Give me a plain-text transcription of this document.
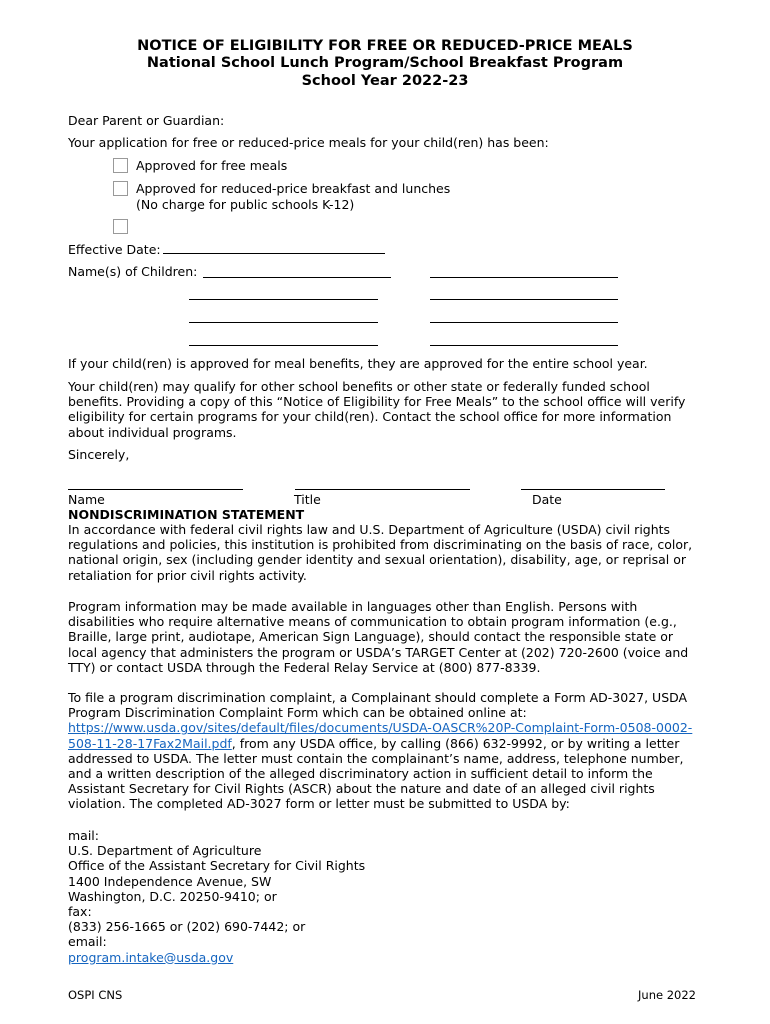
NOTICE OF ELIGIBILITY FOR FREE OR REDUCED-PRICE MEALS
National School Lunch Program/School Breakfast Program
School Year 2022-23
Dear Parent or Guardian:
Your application for free or reduced-price meals for your child(ren) has been:
Approved for free meals
Approved for reduced-price breakfast and lunches
(No charge for public schools K-12)
Effective Date:
Name(s) of Children:
If your child(ren) is approved for meal benefits, they are approved for the entire school year.
Your child(ren) may qualify for other school benefits or other state or federally funded school
benefits. Providing a copy of this “Notice of Eligibility for Free Meals” to the school office will verify
eligibility for certain programs for your child(ren). Contact the school office for more information
about individual programs.
Sincerely,
Name	Title	Date
NONDISCRIMINATION STATEMENT
In accordance with federal civil rights law and U.S. Department of Agriculture (USDA) civil rights
regulations and policies, this institution is prohibited from discriminating on the basis of race, color,
national origin, sex (including gender identity and sexual orientation), disability, age, or reprisal or
retaliation for prior civil rights activity.
Program information may be made available in languages other than English. Persons with
disabilities who require alternative means of communication to obtain program information (e.g.,
Braille, large print, audiotape, American Sign Language), should contact the responsible state or
local agency that administers the program or USDA’s TARGET Center at (202) 720-2600 (voice and
TTY) or contact USDA through the Federal Relay Service at (800) 877-8339.
To file a program discrimination complaint, a Complainant should complete a Form AD-3027, USDA
Program Discrimination Complaint Form which can be obtained online at:
https://www.usda.gov/sites/default/files/documents/USDA-OASCR%20P-Complaint-Form-0508-0002-
508-11-28-17Fax2Mail.pdf, from any USDA office, by calling (866) 632-9992, or by writing a letter
addressed to USDA. The letter must contain the complainant’s name, address, telephone number,
and a written description of the alleged discriminatory action in sufficient detail to inform the
Assistant Secretary for Civil Rights (ASCR) about the nature and date of an alleged civil rights
violation. The completed AD-3027 form or letter must be submitted to USDA by:
mail:
U.S. Department of Agriculture
Office of the Assistant Secretary for Civil Rights
1400 Independence Avenue, SW
Washington, D.C. 20250-9410; or
fax:
(833) 256-1665 or (202) 690-7442; or
email:
program.intake@usda.gov
OSPI CNS	June 2022
